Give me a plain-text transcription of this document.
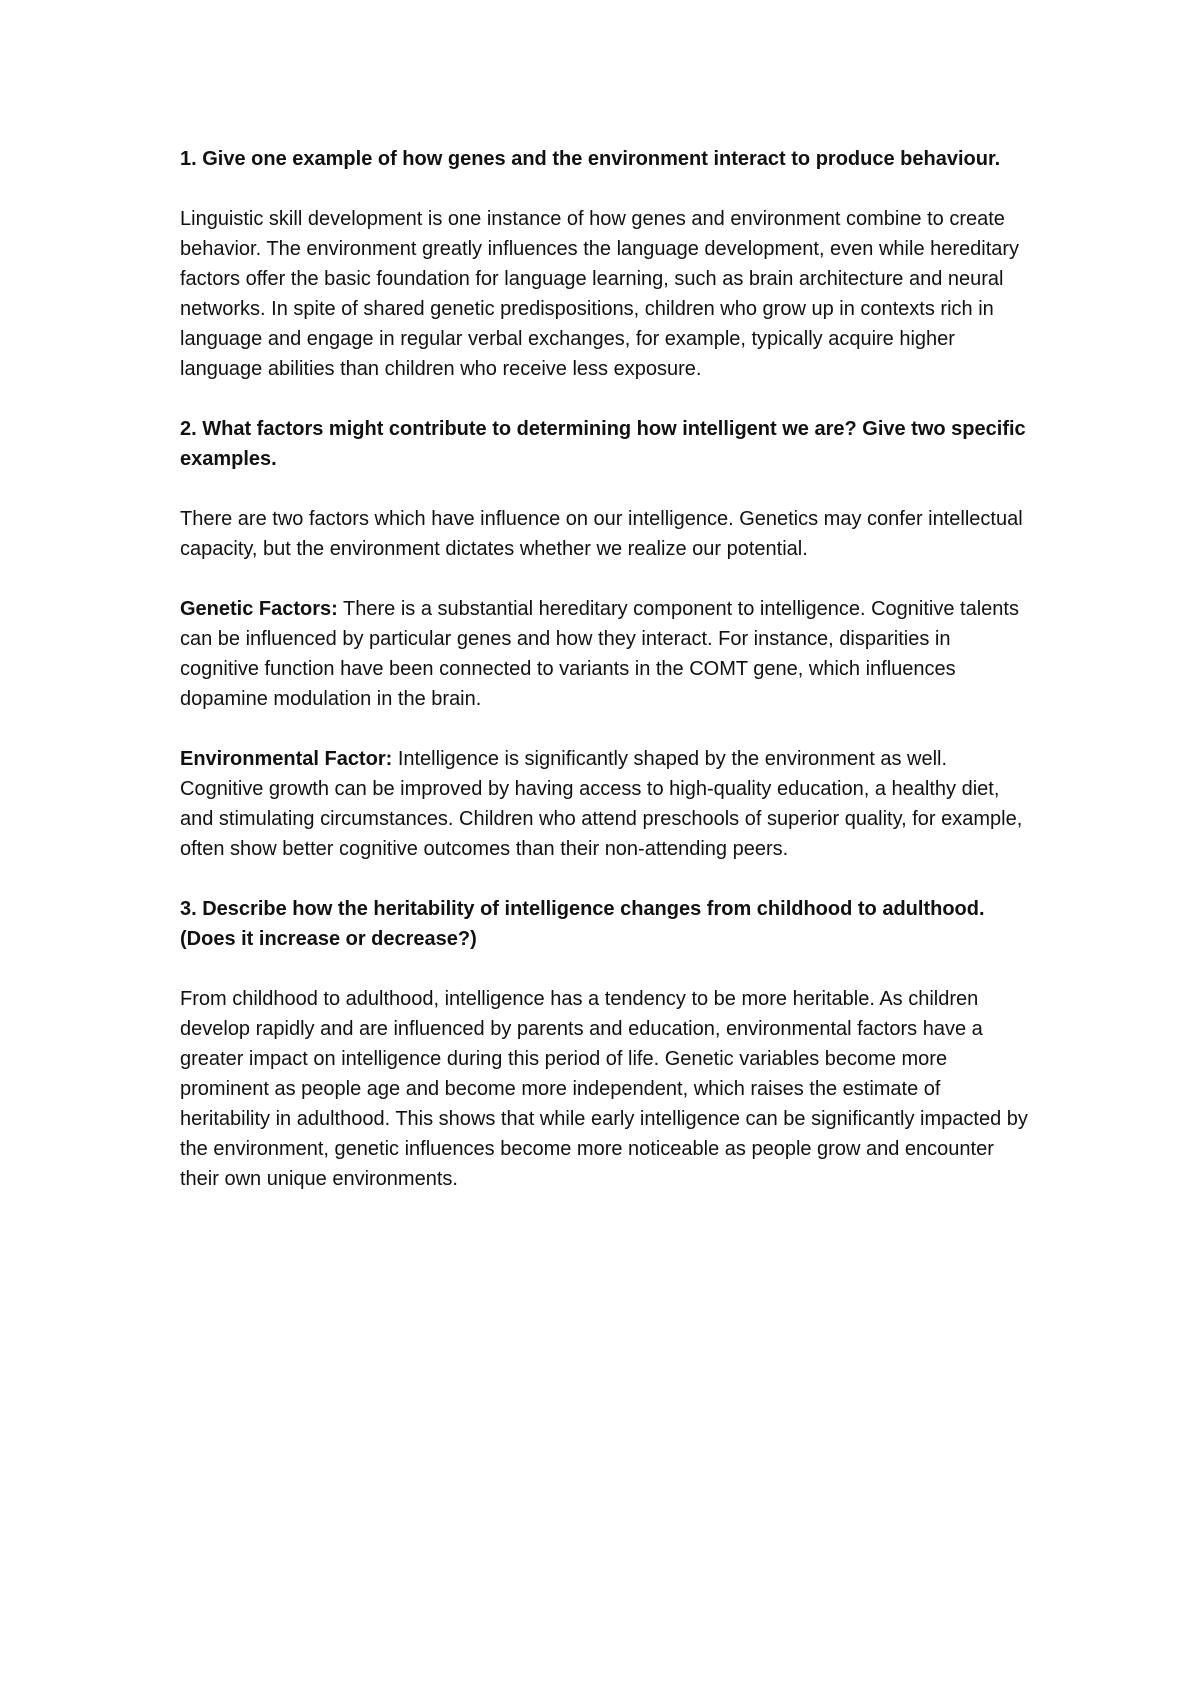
1. Give one example of how genes and the environment interact to produce behaviour.

Linguistic skill development is one instance of how genes and environment combine to create behavior. The environment greatly influences the language development, even while hereditary factors offer the basic foundation for language learning, such as brain architecture and neural networks. In spite of shared genetic predispositions, children who grow up in contexts rich in language and engage in regular verbal exchanges, for example, typically acquire higher language abilities than children who receive less exposure.

2. What factors might contribute to determining how intelligent we are? Give two specific examples.

There are two factors which have influence on our intelligence. Genetics may confer intellectual capacity, but the environment dictates whether we realize our potential.

Genetic Factors: There is a substantial hereditary component to intelligence. Cognitive talents can be influenced by particular genes and how they interact. For instance, disparities in cognitive function have been connected to variants in the COMT gene, which influences dopamine modulation in the brain.

Environmental Factor: Intelligence is significantly shaped by the environment as well. Cognitive growth can be improved by having access to high-quality education, a healthy diet, and stimulating circumstances. Children who attend preschools of superior quality, for example, often show better cognitive outcomes than their non-attending peers.

3. Describe how the heritability of intelligence changes from childhood to adulthood. (Does it increase or decrease?)

From childhood to adulthood, intelligence has a tendency to be more heritable. As children develop rapidly and are influenced by parents and education, environmental factors have a greater impact on intelligence during this period of life. Genetic variables become more prominent as people age and become more independent, which raises the estimate of heritability in adulthood. This shows that while early intelligence can be significantly impacted by the environment, genetic influences become more noticeable as people grow and encounter their own unique environments.
